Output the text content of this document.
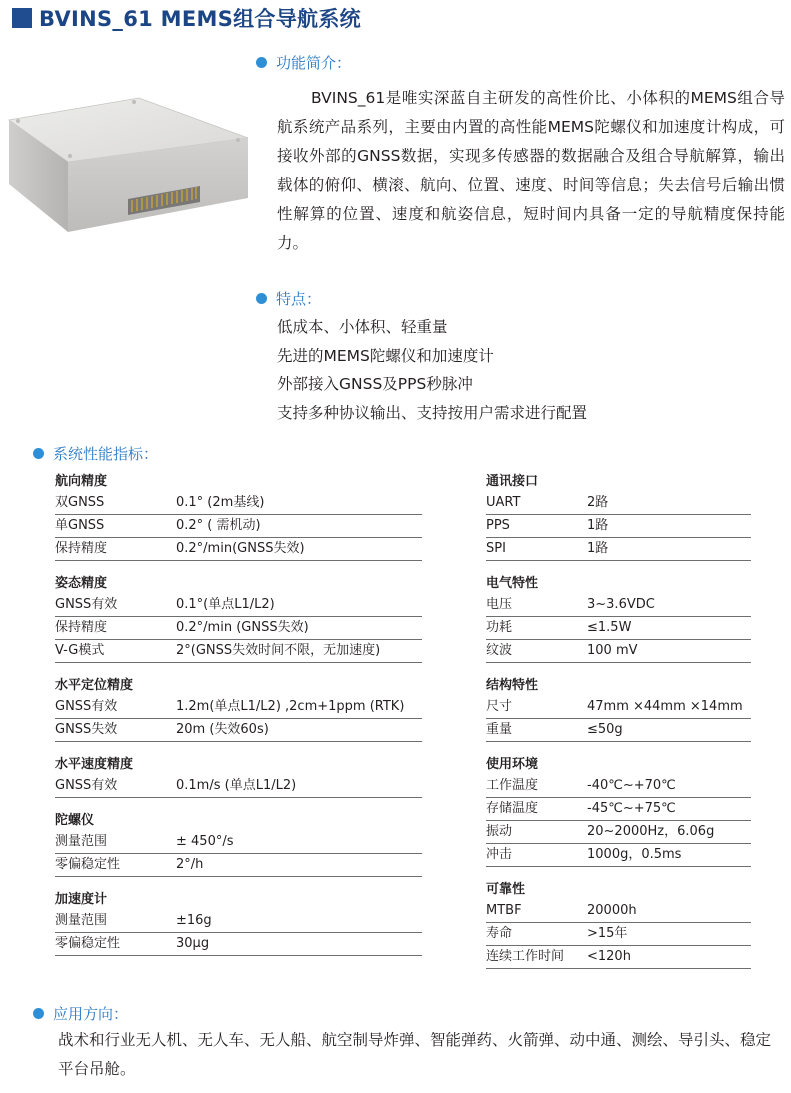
BVINS_61 MEMS组合导航系统
功能简介：
BVINS_61是唯实深蓝自主研发的高性价比、小体积的MEMS组合导航系统产品系列，主要由内置的高性能MEMS陀螺仪和加速度计构成，可接收外部的GNSS数据，实现多传感器的数据融合及组合导航解算，输出载体的俯仰、横滚、航向、位置、速度、时间等信息；失去信号后输出惯性解算的位置、速度和航姿信息，短时间内具备一定的导航精度保持能力。
特点：
低成本、小体积、轻重量
先进的MEMS陀螺仪和加速度计
外部接入GNSS及PPS秒脉冲
支持多种协议输出、支持按用户需求进行配置
系统性能指标：
航向精度
双GNSS	0.1° (2m基线)
单GNSS	0.2° ( 需机动)
保持精度	0.2°/min(GNSS失效)
姿态精度
GNSS有效	0.1°(单点L1/L2)
保持精度	0.2°/min (GNSS失效)
V-G模式	2°(GNSS失效时间不限，无加速度)
水平定位精度
GNSS有效	1.2m(单点L1/L2) ,2cm+1ppm (RTK)
GNSS失效	20m (失效60s)
水平速度精度
GNSS有效	0.1m/s (单点L1/L2)
陀螺仪
测量范围	± 450°/s
零偏稳定性	2°/h
加速度计
测量范围	±16g
零偏稳定性	30μg
通讯接口
UART	2路
PPS	1路
SPI	1路
电气特性
电压	3~3.6VDC
功耗	≤1.5W
纹波	100 mV
结构特性
尺寸	47mm ×44mm ×14mm
重量	≤50g
使用环境
工作温度	-40℃~+70℃
存储温度	-45℃~+75℃
振动	20~2000Hz，6.06g
冲击	1000g，0.5ms
可靠性
MTBF	20000h
寿命	>15年
连续工作时间	<120h
应用方向：
战术和行业无人机、无人车、无人船、航空制导炸弹、智能弹药、火箭弹、动中通、测绘、导引头、稳定平台吊舱。
